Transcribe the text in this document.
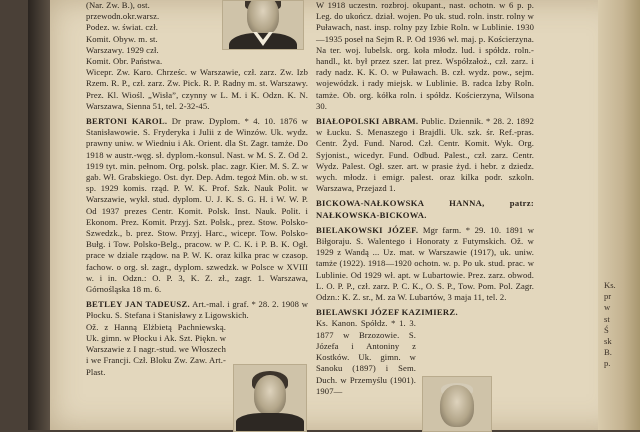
(Nar. Zw. B.), ost.

przewodn.okr.warsz.

Podez. w. świat. czł.

Komit. Obyw. m. st.

Warszawy. 1929 czł.

Komit. Obr. Państwa.

Wicepr. Zw. Karo. Chrześc. w Warszawie, czł. zarz. Zw. Izb Rzem. R. P., czł. zarz. Zw. Pick. R. P. Radny m. st. Warszawy. Prez. Kl. Wiośl. „Wisła”, czynny w L. M. i K. Odzn. K. N. Warszawa, Sienna 51, tel. 2-32-45.

BERTONI KAROL. Dr praw. Dyplom. * 4. 10. 1876 w Stanisławowie. S. Fryderyka i Julii z de Winzów. Uk. wydz. prawny uniw. w Wiedniu i Ak. Orient. dla St. Zagr. tamże. Do 1918 w austr.-węg. sł. dyplom.-konsul. Nast. w M. S. Z. Od 2. 1919 tyt. min. pełnom. Org. polsk. plac. zagr. Kier. M. S. Z. w gab. Wł. Grabskiego. Ost. dyr. Dep. Adm. tegoż Min. ob. w st. sp. 1929 komis. rząd. P. W. K. Prof. Szk. Nauk Polit. w Warszawie, wykł. stud. dyplom. U. J. K. S. G. H. i W. W. P. Od 1937 prezes Centr. Komit. Polsk. Inst. Nauk. Polit. i Ekonom. Prez. Komit. Przyj. Szt. Polsk., prez. Stow. Polsko-Szwedzk., b. prez. Stow. Przyj. Harc., wicepr. Tow. Polsko-Bułg. i Tow. Polsko-Belg., pracow. w P. C. K. i P. B. K. Ogł. prace w dziale rządow. na P. W. K. oraz kilka prac w czasop. fachow. o org. sł. zagr., dyplom. szwedzk. w Polsce w XVIII w. i in. Odzn.: O. P. 3, K. Z. zł., zagr. 1. Warszawa, Górnośląska 18 m. 6.

BETLEY JAN TADEUSZ. Art.-mal. i graf. * 28. 2. 1908 w Płocku. S. Stefana i Stanisławy z Ligowskich.

Ož. z Hanną Elżbietą Pachniewską. Uk. gimn. w Płocku i Ak. Szt. Piękn. w Warszawie z I nagr.-stud. we Włoszech i we Francji. Czł. Bloku Zw. Zaw. Art.-Plast.

W 1918 uczestn. rozbroj. okupant., nast. ochotn. w 6 p. p. Leg. do ukończ. dział. wojen. Po uk. stud. roln. instr. rolny w Puławach, nast. insp. rolny pzy Izbie Roln. w Lublinie. 1930—1935 poseł na Sejm R. P. Od 1936 wł. maj. p. Kościerzyna. Na ter. woj. lubelsk. org. koła młodz. lud. i spółdz. roln.-handl., kt. był przez szer. lat prez. Współzałoż., czł. zarz. i rady nadz. K. K. O. w Puławach. B. czł. wydz. pow., sejm. wojewódzk. i rady miejsk. w Lublinie. B. radca Izby Roln. tamże. Ob. org. kółka roln. i spółdz. Kościerzyna, Wilsona 30.

BIAŁOPOLSKI ABRAM. Public. Dziennik. * 28. 2. 1892 w Łucku. S. Menaszego i Brajdli. Uk. szk. śr. Ref.-pras. Centr. Żyd. Fund. Narod. Czł. Centr. Komit. Wyk. Org. Syjonist., wicedyr. Fund. Odbud. Palest., czł. zarz. Centr. Wydz. Palest. Ogł. szer. art. w prasie żyd. i hebr. z dziedz. wych. młodz. i emigr. palest. oraz kilka podr. szkoln. Warszawa, Przejazd 1.

BICKOWA-NAŁKOWSKA HANNA,	patrz: NAŁKOWSKA-BICKOWA.

BIELAKOWSKI JÓZEF. Mgr farm. * 29. 10. 1891 w Biłgoraju. S. Walentego i Honoraty z Futymskich. Ož. w 1929 z Wandą ... Uz. mat. w Warszawie (1917), uk. uniw. tamże (1922). 1918—1920 ochotn. w. p. Po uk. stud. prac. w Lublinie. Od 1929 wł. apt. w Lubartowie. Prez. zarz. obwod. L. O. P. P., czł. zarz. P. C. K., O. S. P., Tow. Pom. Pol. Zagr. Odzn.: K. Z. sr., M. za W. Lubartów, 3 maja 11, tel. 2.

BIELAWSKI JÓZEF KAZIMIERZ.

Ks. Kanon. Spółdz. * 1. 3. 1877 w Brzozowie. S. Józefa i Antoniny z Kostków. Uk. gimn. w Sanoku (1897) i Sem. Duch. w Przemyślu (1901). 1907—

Ks.
pr
w
st
Ś
sk
B.
p.
